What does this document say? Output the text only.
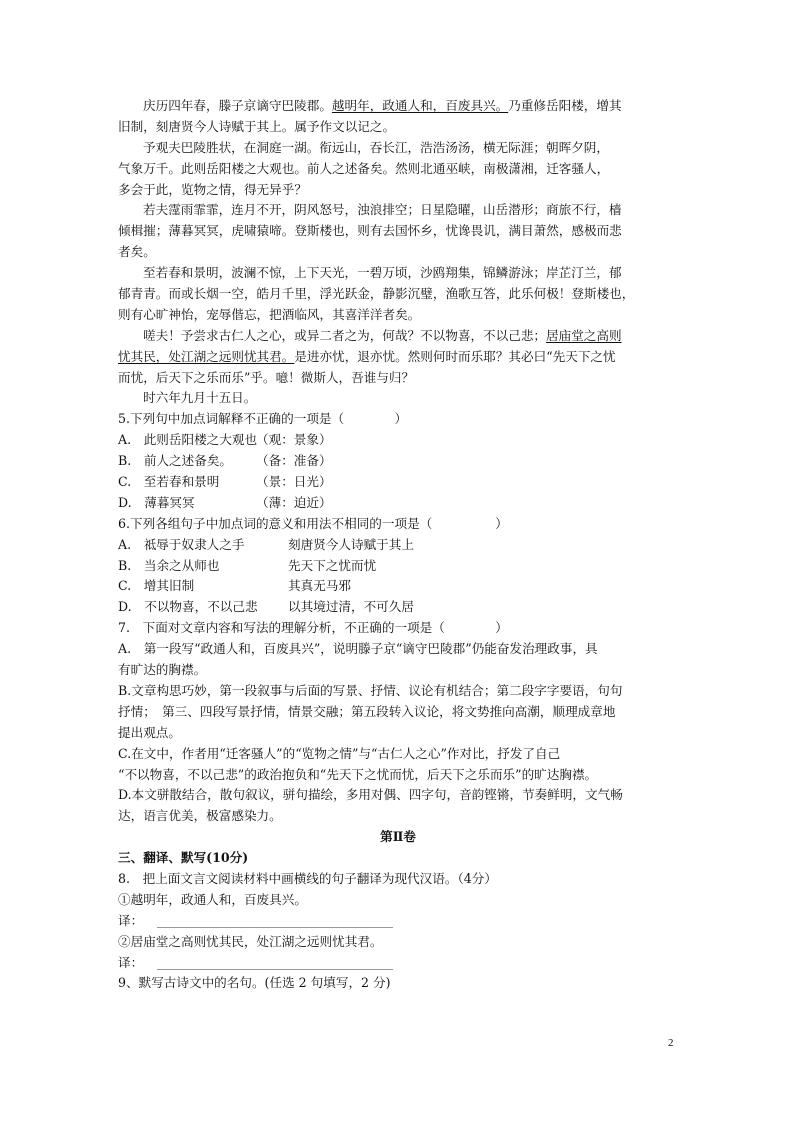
庆历四年春，滕子京谪守巴陵郡。越明年，政通人和，百废具兴。乃重修岳阳楼，增其
旧制，刻唐贤今人诗赋于其上。属予作文以记之。
予观夫巴陵胜状，在洞庭一湖。衔远山，吞长江，浩浩汤汤，横无际涯；朝晖夕阴，
气象万千。此则岳阳楼之大观也。前人之述备矣。然则北通巫峡，南极潇湘，迁客骚人，
多会于此，览物之情，得无异乎？
若夫霪雨霏霏，连月不开，阴风怒号，浊浪排空；日星隐曜，山岳潜形；商旅不行，樯
倾楫摧；薄暮冥冥，虎啸猿啼。登斯楼也，则有去国怀乡，忧谗畏讥，满目萧然，感极而悲
者矣。
至若春和景明，波澜不惊，上下天光，一碧万顷，沙鸥翔集，锦鳞游泳；岸芷汀兰，郁
郁青青。而或长烟一空，皓月千里，浮光跃金，静影沉璧，渔歌互答，此乐何极！登斯楼也，
则有心旷神怡，宠辱偕忘，把酒临风，其喜洋洋者矣。
嗟夫！予尝求古仁人之心，或异二者之为，何哉？不以物喜，不以己悲；居庙堂之高则
忧其民，处江湖之远则忧其君。是进亦忧，退亦忧。然则何时而乐耶？其必曰“先天下之忧
而忧，后天下之乐而乐”乎。噫！微斯人，吾谁与归？
时六年九月十五日。
5.下列句中加点词解释不正确的一项是（　　　　）
A.　此则岳阳楼之大观也（观：景象）
B.　前人之述备矣。 （备：准备）
C.　至若春和景明	（景：日光）
D.　薄暮冥冥	（薄：迫近）
6.下列各组句子中加点词的意义和用法不相同的一项是（　　　　　）
A.　祗辱于奴隶人之手	刻唐贤今人诗赋于其上
B.　当余之从师也	先天下之忧而忧
C.　增其旧制	其真无马邪
D.　不以物喜，不以己悲 以其境过清，不可久居
7.　下面对文章内容和写法的理解分析，不正确的一项是（　　　　）
A.　第一段写“政通人和，百废具兴”，说明滕子京“谪守巴陵郡”仍能奋发治理政事，具
有旷达的胸襟。
B.文章构思巧妙，第一段叙事与后面的写景、抒情、议论有机结合；第二段字字要语，句句
抒情；　第三、四段写景抒情，情景交融；第五段转入议论，将文势推向高潮，顺理成章地
提出观点。
C.在文中，作者用“迁客骚人”的“览物之情”与“古仁人之心”作对比，抒发了自己
“不以物喜，不以己悲”的政治抱负和“先天下之忧而忧，后天下之乐而乐”的旷达胸襟。
D.本文骈散结合，散句叙议，骈句描绘，多用对偶、四字句，音韵铿锵，节奏鲜明，文气畅
达，语言优美，极富感染力。
第Ⅱ卷
三、翻译、默写(10分)
8.　把上面文言文阅读材料中画横线的句子翻译为现代汉语。（4分）
①越明年，政通人和，百废具兴。
译：
②居庙堂之高则忧其民，处江湖之远则忧其君。
译：
9、默写古诗文中的名句。(任选 2 句填写，2 分)
2
